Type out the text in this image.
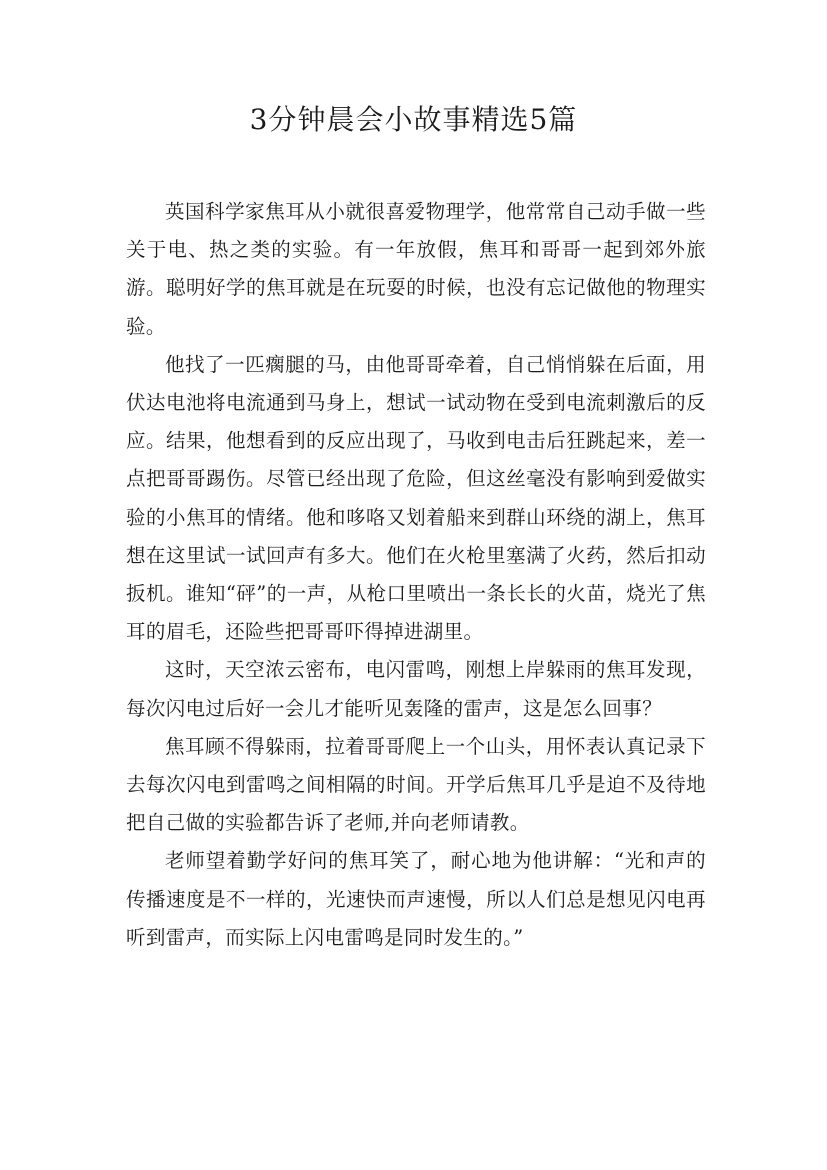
3分钟晨会小故事精选5篇

英国科学家焦耳从小就很喜爱物理学，他常常自己动手做一些关于电、热之类的实验。有一年放假，焦耳和哥哥一起到郊外旅游。聪明好学的焦耳就是在玩耍的时候，也没有忘记做他的物理实验。

他找了一匹瘸腿的马，由他哥哥牵着，自己悄悄躲在后面，用伏达电池将电流通到马身上，想试一试动物在受到电流刺激后的反应。结果，他想看到的反应出现了，马收到电击后狂跳起来，差一点把哥哥踢伤。尽管已经出现了危险，但这丝毫没有影响到爱做实验的小焦耳的情绪。他和哆咯又划着船来到群山环绕的湖上，焦耳想在这里试一试回声有多大。他们在火枪里塞满了火药，然后扣动扳机。谁知“砰”的一声，从枪口里喷出一条长长的火苗，烧光了焦耳的眉毛，还险些把哥哥吓得掉进湖里。

这时，天空浓云密布，电闪雷鸣，刚想上岸躲雨的焦耳发现，每次闪电过后好一会儿才能听见轰隆的雷声，这是怎么回事？

焦耳顾不得躲雨，拉着哥哥爬上一个山头，用怀表认真记录下去每次闪电到雷鸣之间相隔的时间。开学后焦耳几乎是迫不及待地把自己做的实验都告诉了老师,并向老师请教。

老师望着勤学好问的焦耳笑了，耐心地为他讲解：“光和声的传播速度是不一样的，光速快而声速慢，所以人们总是想见闪电再听到雷声，而实际上闪电雷鸣是同时发生的。”
